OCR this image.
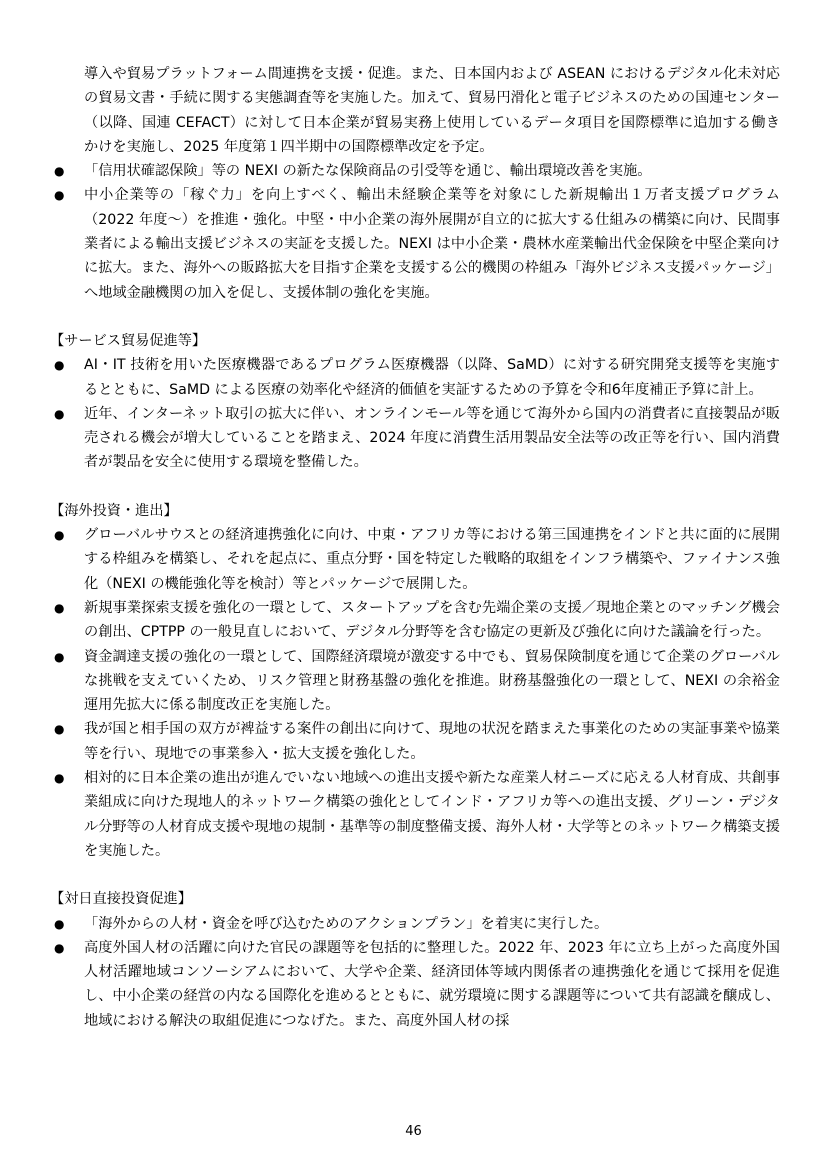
導入や貿易プラットフォーム間連携を支援・促進。また、日本国内および ASEAN におけるデジタル化未対応の貿易文書・手続に関する実態調査等を実施した。加えて、貿易円滑化と電子ビジネスのための国連センター（以降、国連 CEFACT）に対して日本企業が貿易実務上使用しているデータ項目を国際標準に追加する働きかけを実施し、2025 年度第１四半期中の国際標準改定を予定。
● 「信用状確認保険」等の NEXI の新たな保険商品の引受等を通じ、輸出環境改善を実施。
● 中小企業等の「稼ぐ力」を向上すべく、輸出未経験企業等を対象にした新規輸出１万者支援プログラム（2022 年度～）を推進・強化。中堅・中小企業の海外展開が自立的に拡大する仕組みの構築に向け、民間事業者による輸出支援ビジネスの実証を支援した。NEXI は中小企業・農林水産業輸出代金保険を中堅企業向けに拡大。また、海外への販路拡大を目指す企業を支援する公的機関の枠組み「海外ビジネス支援パッケージ」へ地域金融機関の加入を促し、支援体制の強化を実施。
【サービス貿易促進等】
● AI・IT 技術を用いた医療機器であるプログラム医療機器（以降、SaMD）に対する研究開発支援等を実施するとともに、SaMD による医療の効率化や経済的価値を実証するための予算を令和6年度補正予算に計上。
● 近年、インターネット取引の拡大に伴い、オンラインモール等を通じて海外から国内の消費者に直接製品が販売される機会が増大していることを踏まえ、2024 年度に消費生活用製品安全法等の改正等を行い、国内消費者が製品を安全に使用する環境を整備した。
【海外投資・進出】
● グローバルサウスとの経済連携強化に向け、中東・アフリカ等における第三国連携をインドと共に面的に展開する枠組みを構築し、それを起点に、重点分野・国を特定した戦略的取組をインフラ構築や、ファイナンス強化（NEXI の機能強化等を検討）等とパッケージで展開した。
● 新規事業探索支援を強化の一環として、スタートアップを含む先端企業の支援／現地企業とのマッチング機会の創出、CPTPP の一般見直しにおいて、デジタル分野等を含む協定の更新及び強化に向けた議論を行った。
● 資金調達支援の強化の一環として、国際経済環境が激変する中でも、貿易保険制度を通じて企業のグローバルな挑戦を支えていくため、リスク管理と財務基盤の強化を推進。財務基盤強化の一環として、NEXI の余裕金運用先拡大に係る制度改正を実施した。
● 我が国と相手国の双方が裨益する案件の創出に向けて、現地の状況を踏まえた事業化のための実証事業や協業等を行い、現地での事業参入・拡大支援を強化した。
● 相対的に日本企業の進出が進んでいない地域への進出支援や新たな産業人材ニーズに応える人材育成、共創事業組成に向けた現地人的ネットワーク構築の強化としてインド・アフリカ等への進出支援、グリーン・デジタル分野等の人材育成支援や現地の規制・基準等の制度整備支援、海外人材・大学等とのネットワーク構築支援を実施した。
【対日直接投資促進】
● 「海外からの人材・資金を呼び込むためのアクションプラン」を着実に実行した。
● 高度外国人材の活躍に向けた官民の課題等を包括的に整理した。2022 年、2023 年に立ち上がった高度外国人材活躍地域コンソーシアムにおいて、大学や企業、経済団体等域内関係者の連携強化を通じて採用を促進し、中小企業の経営の内なる国際化を進めるとともに、就労環境に関する課題等について共有認識を醸成し、地域における解決の取組促進につなげた。また、高度外国人材の採
46
